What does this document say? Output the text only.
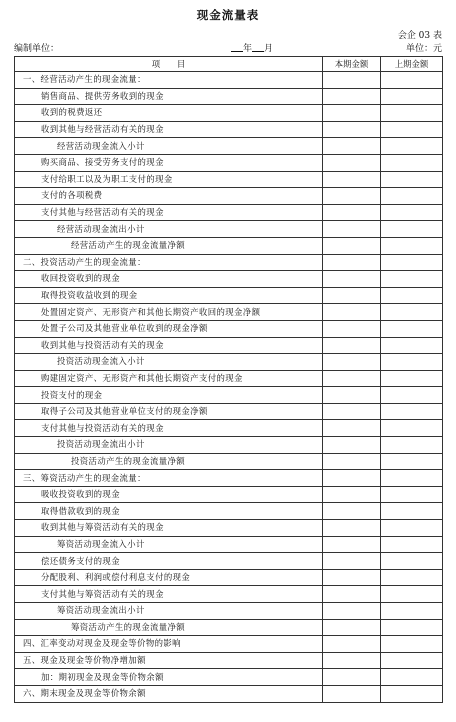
现金流量表
会企 03 表
编制单位：	年 月	单位：元
项　　目	本期金额	上期金额
一、经营活动产生的现金流量：		
销售商品、提供劳务收到的现金		
收到的税费返还		
收到其他与经营活动有关的现金		
经营活动现金流入小计		
购买商品、接受劳务支付的现金		
支付给职工以及为职工支付的现金		
支付的各项税费		
支付其他与经营活动有关的现金		
经营活动现金流出小计		
经营活动产生的现金流量净额		
二、投资活动产生的现金流量：		
收回投资收到的现金		
取得投资收益收到的现金		
处置固定资产、无形资产和其他长期资产收回的现金净额		
处置子公司及其他营业单位收到的现金净额		
收到其他与投资活动有关的现金		
投资活动现金流入小计		
购建固定资产、无形资产和其他长期资产支付的现金		
投资支付的现金		
取得子公司及其他营业单位支付的现金净额		
支付其他与投资活动有关的现金		
投资活动现金流出小计		
投资活动产生的现金流量净额		
三、筹资活动产生的现金流量：		
吸收投资收到的现金		
取得借款收到的现金		
收到其他与筹资活动有关的现金		
筹资活动现金流入小计		
偿还债务支付的现金		
分配股利、利润或偿付利息支付的现金		
支付其他与筹资活动有关的现金		
筹资活动现金流出小计		
筹资活动产生的现金流量净额		
四、汇率变动对现金及现金等价物的影响		
五、现金及现金等价物净增加额		
加：期初现金及现金等价物余额		
六、期末现金及现金等价物余额		
